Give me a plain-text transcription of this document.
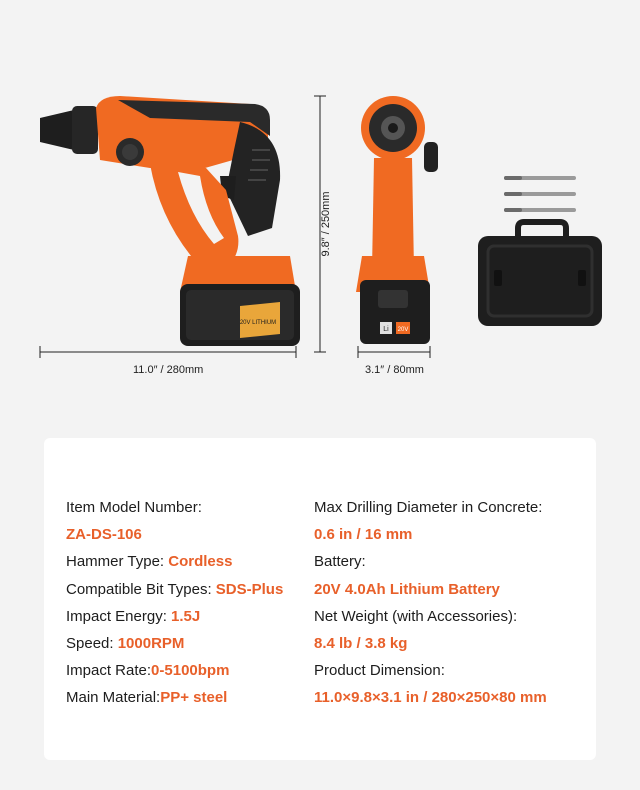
20V LITHIUM
Li 20V
11.0″ / 280mm
9.8″ / 250mm
3.1″ / 80mm
Item Model Number:
ZA-DS-106
Hammer Type: Cordless
Compatible Bit Types: SDS-Plus
Impact Energy: 1.5J
Speed: 1000RPM
Impact Rate:0-5100bpm
Main Material:PP+ steel
Max Drilling Diameter in Concrete:
0.6 in / 16 mm
Battery:
20V 4.0Ah Lithium Battery
Net Weight (with Accessories):
8.4 lb / 3.8 kg
Product Dimension:
11.0×9.8×3.1 in / 280×250×80 mm
